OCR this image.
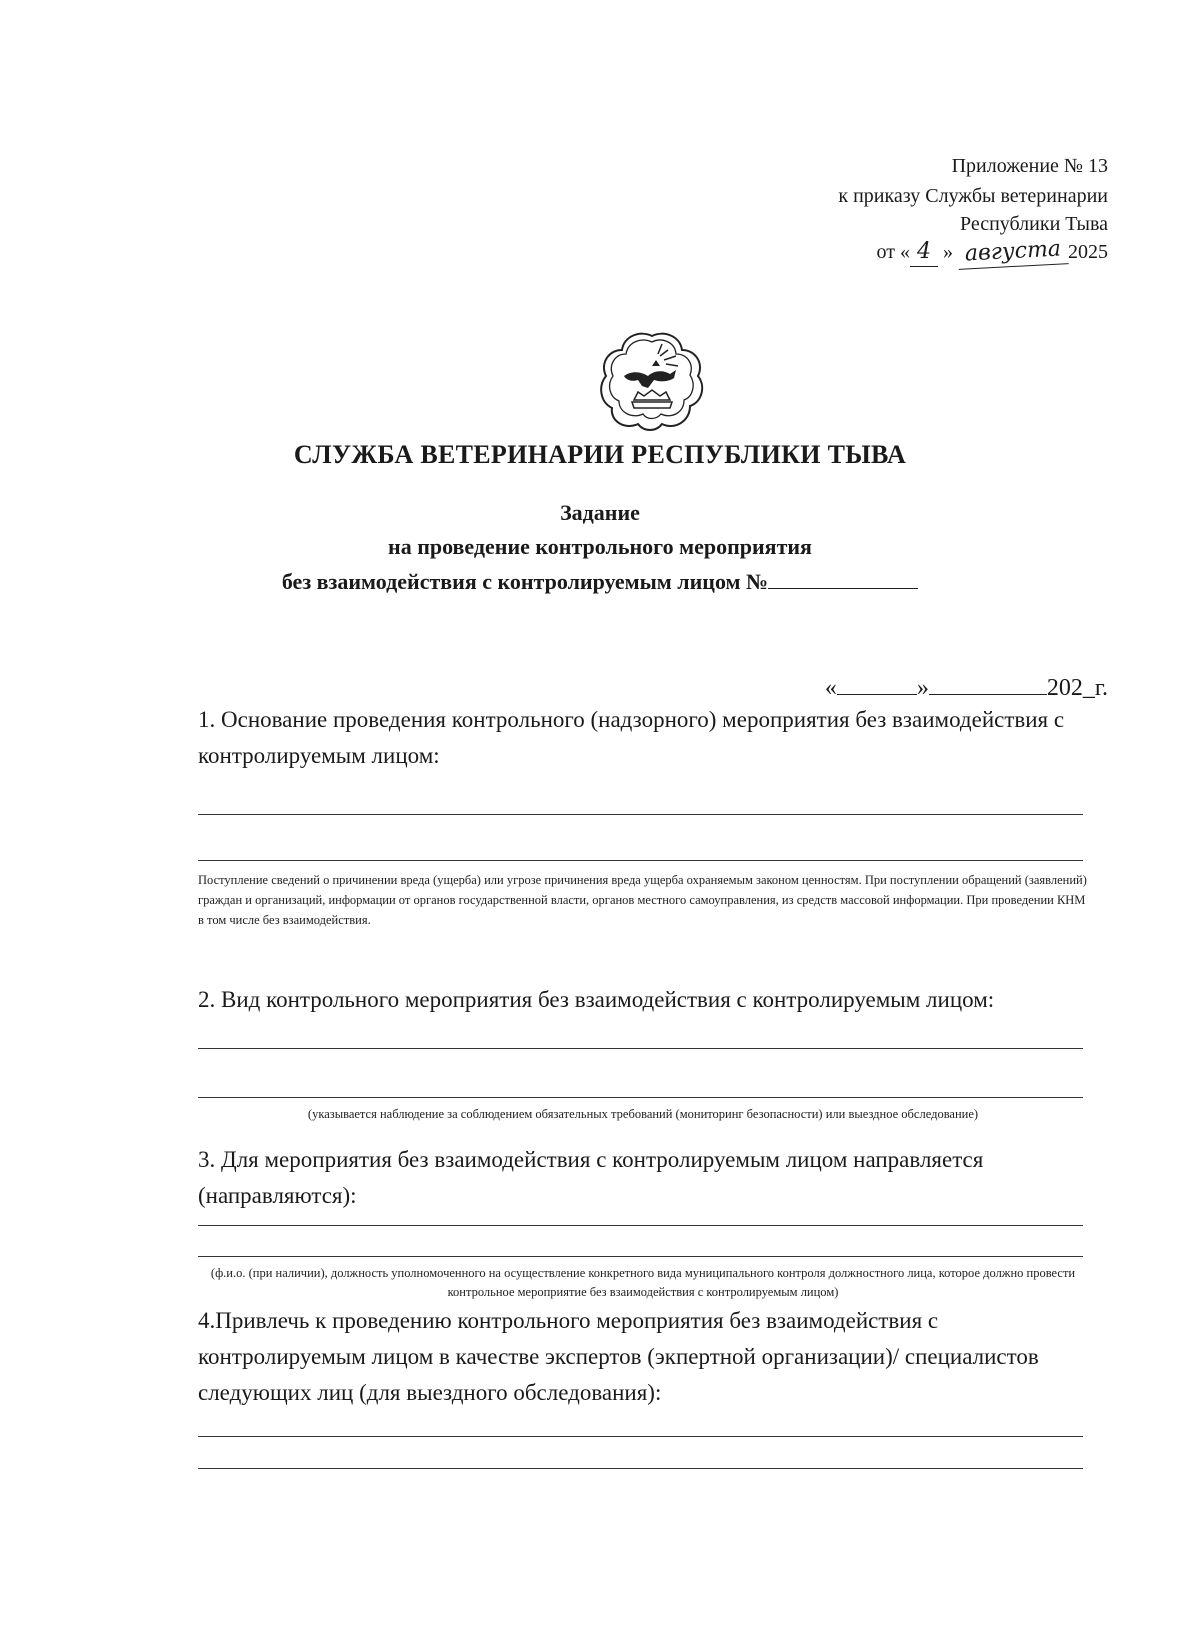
Приложение № 13
к приказу Службы ветеринарии
Республики Тыва
от « 4 » августа 2025
СЛУЖБА ВЕТЕРИНАРИИ РЕСПУБЛИКИ ТЫВА
Задание
на проведение контрольного мероприятия
без взаимодействия с контролируемым лицом №
«	»	202_г.
1. Основание проведения контрольного (надзорного) мероприятия без взаимодействия с контролируемым лицом:
Поступление сведений о причинении вреда (ущерба) или угрозе причинения вреда ущерба охраняемым законом ценностям. При поступлении обращений (заявлений) граждан и организаций, информации от органов государственной власти, органов местного самоуправления, из средств массовой информации. При проведении КНМ в том числе без взаимодействия.
2. Вид контрольного мероприятия без взаимодействия с контролируемым лицом:
(указывается наблюдение за соблюдением обязательных требований (мониторинг безопасности) или выездное обследование)
3. Для мероприятия без взаимодействия с контролируемым лицом направляется (направляются):
(ф.и.о. (при наличии), должность уполномоченного на осуществление конкретного вида муниципального контроля должностного лица, которое должно провести контрольное мероприятие без взаимодействия с контролируемым лицом)
4.Привлечь к проведению контрольного мероприятия без взаимодействия с контролируемым лицом в качестве экспертов (экпертной организации)/ специалистов следующих лиц (для выездного обследования):
